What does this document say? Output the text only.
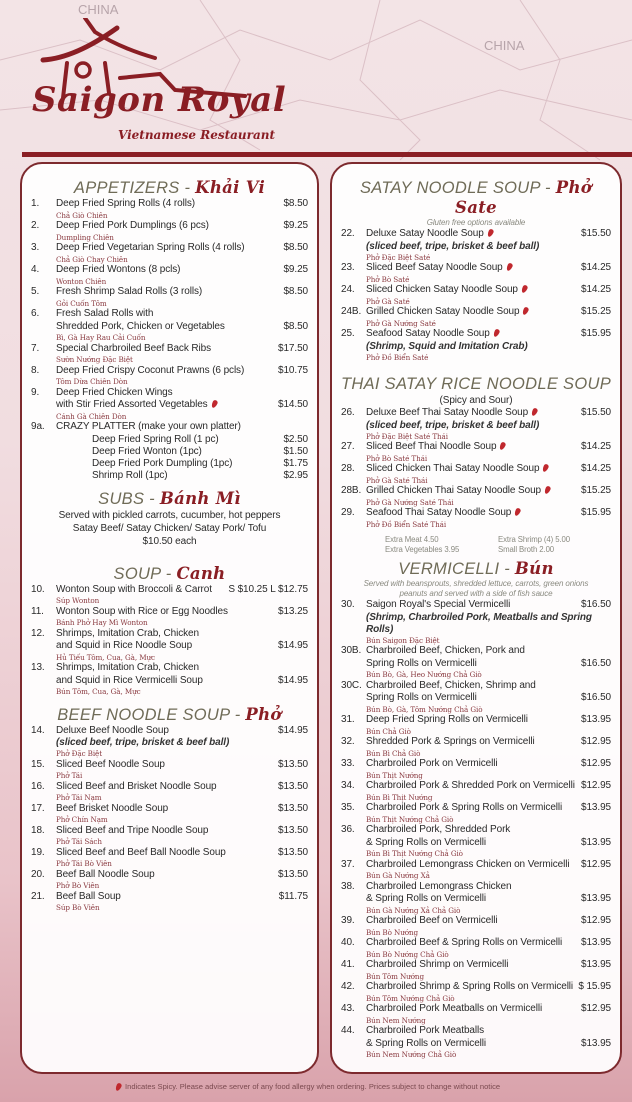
CHINA
CHINA
Saigon Royal
Vietnamese Restaurant
APPETIZERS - Khải Vi
1.	Deep Fried Spring Rolls (4 rolls)	$8.50
Chả Giò Chiên
2.	Deep Fried Pork Dumplings (6 pcs)	$9.25
Dumpling Chiên
3.	Deep Fried Vegetarian Spring Rolls (4 rolls)	$8.50
Chả Giò Chay Chiên
4.	Deep Fried Wontons (8 pcls)	$9.25
Wonton Chiên
5.	Fresh Shrimp Salad Rolls (3 rolls)	$8.50
Gỏi Cuốn Tôm
6.	Fresh Salad Rolls with
Shredded Pork, Chicken or Vegetables	$8.50
Bì, Gà Hay Rau Cải Cuốn
7.	Special Charbroiled Beef Back Ribs	$17.50
Sườn Nướng Đặc Biệt
8.	Deep Fried Crispy Coconut Prawns (6 pcls)	$10.75
Tôm Dừa Chiên Dòn
9.	Deep Fried Chicken Wings
with Stir Fried Assorted Vegetables	$14.50
Cánh Gà Chiên Dòn
9a.	CRAZY PLATTER (make your own platter)
Deep Fried Spring Roll (1 pc)	$2.50
Deep Fried Wonton (1pc)	$1.50
Deep Fried Pork Dumpling (1pc)	$1.75
Shrimp Roll (1pc)	$2.95
SUBS - Bánh Mì
Served with pickled carrots, cucumber, hot peppers
Satay Beef/ Satay Chicken/ Satay Pork/ Tofu
$10.50 each
SOUP - Canh
10.	Wonton Soup with Broccoli & Carrot	S $10.25 L $12.75
Súp Wonton
11.	Wonton Soup with Rice or Egg Noodles	$13.25
Bánh Phở Hay Mì Wonton
12.	Shrimps, Imitation Crab, Chicken
and Squid in Rice Noodle Soup	$14.95
Hủ Tiếu Tôm, Cua, Gà, Mực
13.	Shrimps, Imitation Crab, Chicken
and Squid in Rice Vermicelli Soup	$14.95
Bún Tôm, Cua, Gà, Mực
BEEF NOODLE SOUP - Phở
14.	Deluxe Beef Noodle Soup	$14.95
(sliced beef, tripe, brisket & beef ball)
Phở Đặc Biệt
15.	Sliced Beef Noodle Soup	$13.50
Phở Tái
16.	Sliced Beef and Brisket Noodle Soup	$13.50
Phở Tái Nạm
17.	Beef Brisket Noodle Soup	$13.50
Phở Chín Nạm
18.	Sliced Beef and Tripe Noodle Soup	$13.50
Phở Tái Sách
19.	Sliced Beef and Beef Ball Noodle Soup	$13.50
Phở Tái Bò Viên
20.	Beef Ball Noodle Soup	$13.50
Phở Bò Viên
21.	Beef Ball Soup	$11.75
Súp Bò Viên
SATAY NOODLE SOUP - Phở Sate
Gluten free options available
22.	Deluxe Satay Noodle Soup	$15.50
(sliced beef, tripe, brisket & beef ball)
Phở Đặc Biệt Saté
23.	Sliced Beef Satay Noodle Soup	$14.25
Phở Bò Saté
24.	Sliced Chicken Satay Noodle Soup	$14.25
Phở Gà Saté
24B. Grilled Chicken Satay Noodle Soup	$15.25
Phở Gà Nướng Saté
25.	Seafood Satay Noodle Soup	$15.95
(Shrimp, Squid and Imitation Crab)
Phở Đồ Biển Saté
THAI SATAY RICE NOODLE SOUP
(Spicy and Sour)
26.	Deluxe Beef Thai Satay Noodle Soup	$15.50
(sliced beef, tripe, brisket & beef ball)
Phở Đặc Biệt Saté Thái
27.	Sliced Beef Thai Noodle Soup	$14.25
Phở Bò Saté Thái
28.	Sliced Chicken Thai Satay Noodle Soup	$14.25
Phở Gà Saté Thái
28B. Grilled Chicken Thai Satay Noodle Soup	$15.25
Phở Gà Nướng Saté Thái
29.	Seafood Thai Satay Noodle Soup	$15.95
Phở Đồ Biển Saté Thái
Extra Meat 4.50	Extra Shrimp (4) 5.00
Extra Vegetables 3.95	Small Broth 2.00
VERMICELLI - Bún
Served with beansprouts, shredded lettuce, carrots, green onions peanuts and served with a side of fish sauce
30.	Saigon Royal's Special Vermicelli	$16.50
(Shrimp, Charbroiled Pork, Meatballs and Spring Rolls)
Bún Saigon Đặc Biệt
30B. Charbroiled Beef, Chicken, Pork and
Spring Rolls on Vermicelli	$16.50
Bún Bò, Gà, Heo Nướng Chả Giò
30C. Charbroiled Beef, Chicken, Shrimp and
Spring Rolls on Vermicelli	$16.50
Bún Bò, Gà, Tôm Nướng Chả Giò
31.	Deep Fried Spring Rolls on Vermicelli	$13.95
Bún Chả Giò
32.	Shredded Pork & Springs on Vermicelli	$12.95
Bún Bì Chả Giò
33.	Charbroiled Pork on Vermicelli	$12.95
Bún Thịt Nướng
34.	Charbroiled Pork & Shredded Pork on Vermicelli $12.95
Bún Bì Thịt Nướng
35.	Charbroiled Pork & Spring Rolls on Vermicelli	$13.95
Bún Thịt Nướng Chả Giò
36.	Charbroiled Pork, Shredded Pork
& Spring Rolls on Vermicelli	$13.95
Bún Bì Thịt Nướng Chả Giò
37.	Charbroiled Lemongrass Chicken on Vermicelli	$12.95
Bún Gà Nướng Xả
38.	Charbroiled Lemongrass Chicken
& Spring Rolls on Vermicelli	$13.95
Bún Gà Nướng Xả Chả Giò
39.	Charbroiled Beef on Vermicelli	$12.95
Bún Bò Nướng
40.	Charbroiled Beef & Spring Rolls on Vermicelli	$13.95
Bún Bò Nướng Chả Giò
41.	Charbroiled Shrimp on Vermicelli	$13.95
Bún Tôm Nướng
42.	Charbroiled Shrimp & Spring Rolls on Vermicelli $ 15.95
Bún Tôm Nướng Chả Giò
43.	Charbroiled Pork Meatballs on Vermicelli	$12.95
Bún Nem Nướng
44.	Charbroiled Pork Meatballs
& Spring Rolls on Vermicelli	$13.95
Bún Nem Nướng Chả Giò
Indicates Spicy. Please advise server of any food allergy when ordering. Prices subject to change without notice
